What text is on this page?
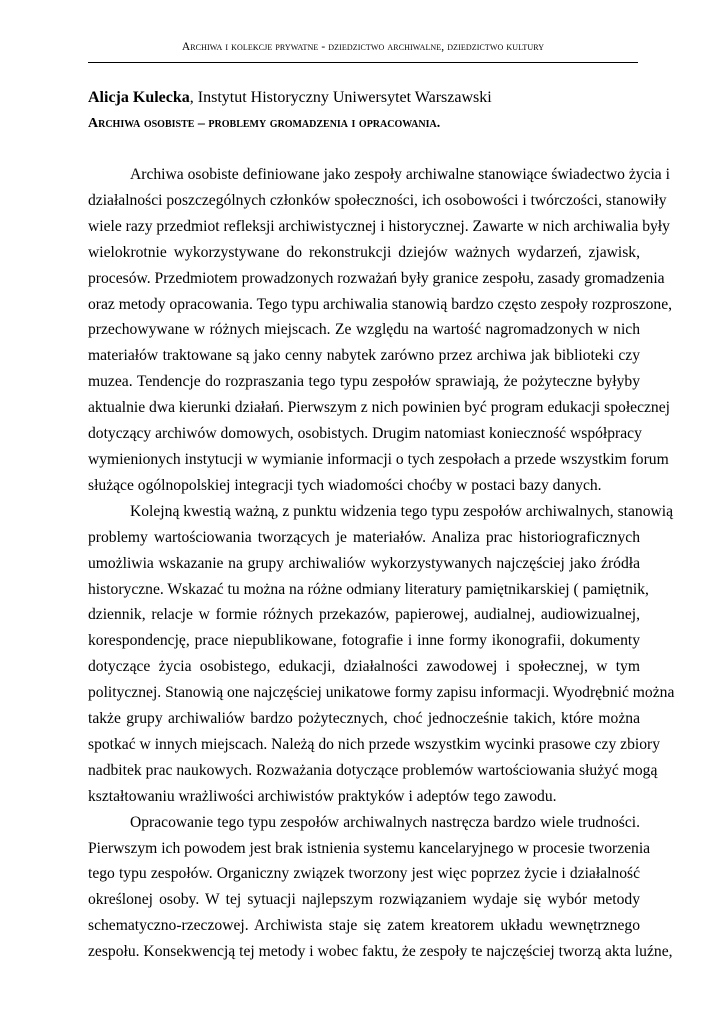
Archiwa i kolekcje prywatne - dziedzictwo archiwalne, dziedzictwo kultury
Alicja Kulecka, Instytut Historyczny Uniwersytet Warszawski
Archiwa osobiste – problemy gromadzenia i opracowania.
Archiwa osobiste definiowane jako zespoły archiwalne stanowiące świadectwo życia i
działalności poszczególnych członków społeczności, ich osobowości i twórczości, stanowiły
wiele razy przedmiot refleksji archiwistycznej i historycznej. Zawarte w nich archiwalia były
wielokrotnie wykorzystywane do rekonstrukcji dziejów ważnych wydarzeń, zjawisk,
procesów. Przedmiotem prowadzonych rozważań były granice zespołu, zasady gromadzenia
oraz metody opracowania. Tego typu archiwalia stanowią bardzo często zespoły rozproszone,
przechowywane w różnych miejscach. Ze względu na wartość nagromadzonych w nich
materiałów traktowane są jako cenny nabytek zarówno przez archiwa jak biblioteki czy
muzea. Tendencje do rozpraszania tego typu zespołów sprawiają, że pożyteczne byłyby
aktualnie dwa kierunki działań. Pierwszym z nich powinien być program edukacji społecznej
dotyczący archiwów domowych, osobistych. Drugim natomiast konieczność współpracy
wymienionych instytucji w wymianie informacji o tych zespołach a przede wszystkim forum
służące ogólnopolskiej integracji tych wiadomości choćby w postaci bazy danych.
Kolejną kwestią ważną, z punktu widzenia tego typu zespołów archiwalnych, stanowią
problemy wartościowania tworzących je materiałów. Analiza prac historiograficznych
umożliwia wskazanie na grupy archiwaliów wykorzystywanych najczęściej jako źródła
historyczne. Wskazać tu można na różne odmiany literatury pamiętnikarskiej ( pamiętnik,
dziennik, relacje w formie różnych przekazów, papierowej, audialnej, audiowizualnej,
korespondencję, prace niepublikowane, fotografie i inne formy ikonografii, dokumenty
dotyczące życia osobistego, edukacji, działalności zawodowej i społecznej, w tym
politycznej. Stanowią one najczęściej unikatowe formy zapisu informacji. Wyodrębnić można
także grupy archiwaliów bardzo pożytecznych, choć jednocześnie takich, które można
spotkać w innych miejscach. Należą do nich przede wszystkim wycinki prasowe czy zbiory
nadbitek prac naukowych. Rozważania dotyczące problemów wartościowania służyć mogą
kształtowaniu wrażliwości archiwistów praktyków i adeptów tego zawodu.
Opracowanie tego typu zespołów archiwalnych nastręcza bardzo wiele trudności.
Pierwszym ich powodem jest brak istnienia systemu kancelaryjnego w procesie tworzenia
tego typu zespołów. Organiczny związek tworzony jest więc poprzez życie i działalność
określonej osoby. W tej sytuacji najlepszym rozwiązaniem wydaje się wybór metody
schematyczno-rzeczowej. Archiwista staje się zatem kreatorem układu wewnętrznego
zespołu. Konsekwencją tej metody i wobec faktu, że zespoły te najczęściej tworzą akta luźne,
